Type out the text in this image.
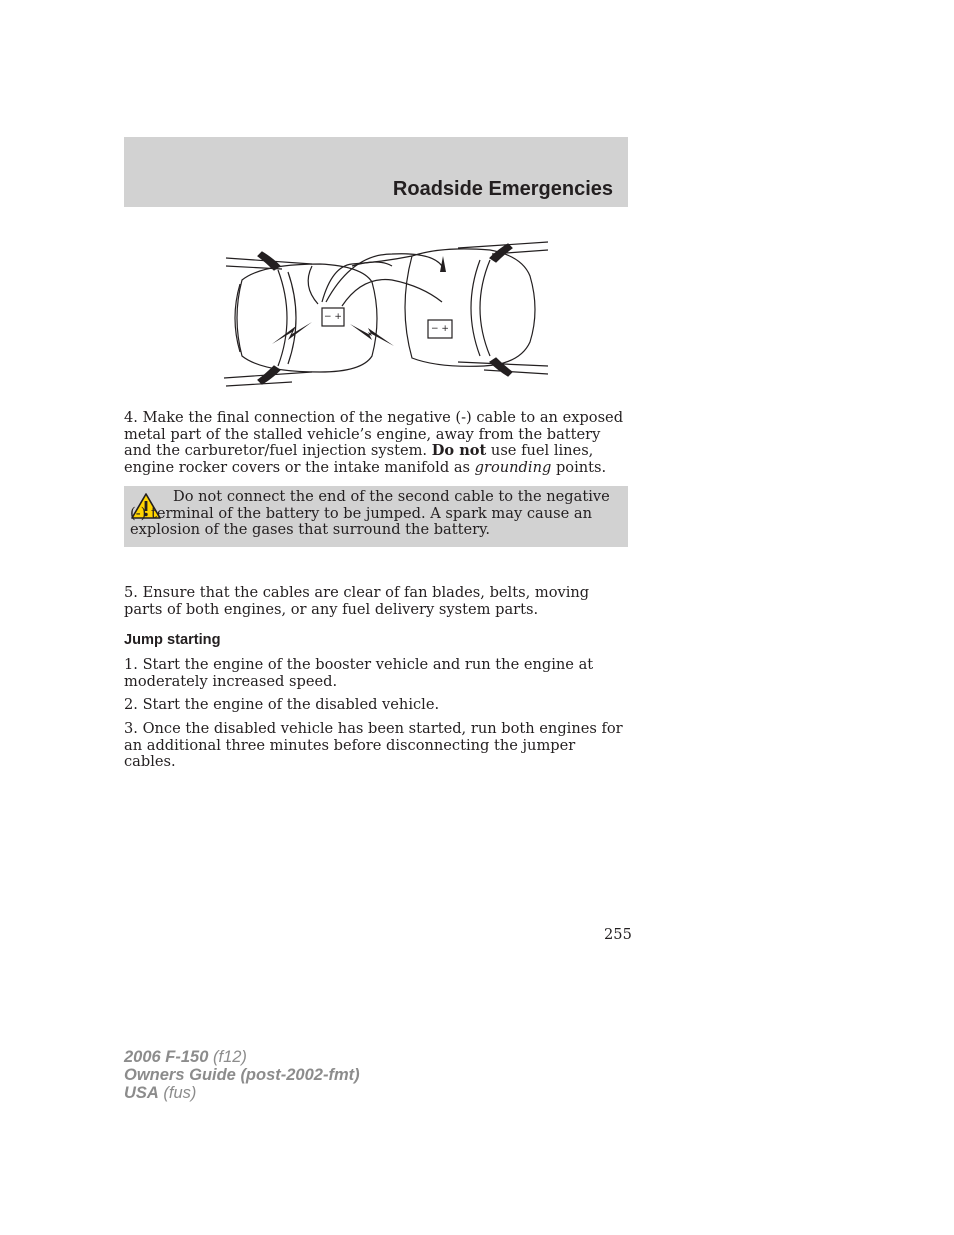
Roadside Emergencies
− +
− +

4. Make the final connection of the negative (-) cable to an exposed metal part of the stalled vehicle’s engine, away from the battery and the carburetor/fuel injection system. Do not use fuel lines, engine rocker covers or the intake manifold as grounding points.

Do not connect the end of the second cable to the negative (-) terminal of the battery to be jumped. A spark may cause an explosion of the gases that surround the battery.

5. Ensure that the cables are clear of fan blades, belts, moving parts of both engines, or any fuel delivery system parts.

Jump starting

1. Start the engine of the booster vehicle and run the engine at moderately increased speed.

2. Start the engine of the disabled vehicle.

3. Once the disabled vehicle has been started, run both engines for an additional three minutes before disconnecting the jumper cables.

255
2006 F-150 (f12)
Owners Guide (post-2002-fmt)
USA (fus)
